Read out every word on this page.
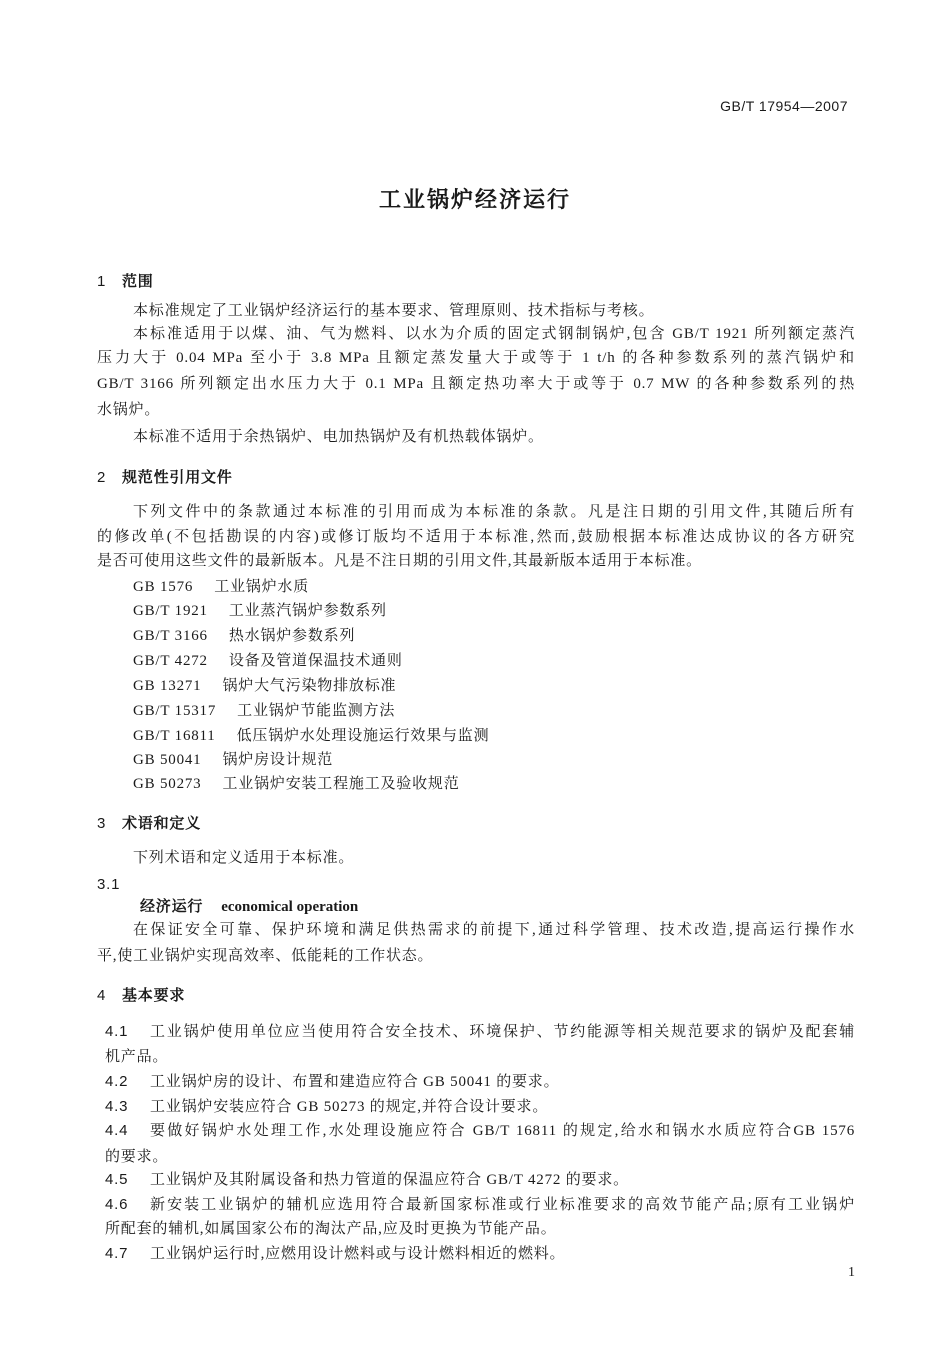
GB/T 17954—2007
工业锅炉经济运行
1 范围
本标准规定了工业锅炉经济运行的基本要求、管理原则、技术指标与考核。
本标准适用于以煤、油、气为燃料、以水为介质的固定式钢制锅炉,包含 GB/T 1921 所列额定蒸汽
压力大于 0.04 MPa 至小于 3.8 MPa 且额定蒸发量大于或等于 1 t/h 的各种参数系列的蒸汽锅炉和
GB/T 3166 所列额定出水压力大于 0.1 MPa 且额定热功率大于或等于 0.7 MW 的各种参数系列的热
水锅炉。
本标准不适用于余热锅炉、电加热锅炉及有机热载体锅炉。
2 规范性引用文件
下列文件中的条款通过本标准的引用而成为本标准的条款。凡是注日期的引用文件,其随后所有
的修改单(不包括勘误的内容)或修订版均不适用于本标准,然而,鼓励根据本标准达成协议的各方研究
是否可使用这些文件的最新版本。凡是不注日期的引用文件,其最新版本适用于本标准。
GB 1576 工业锅炉水质
GB/T 1921 工业蒸汽锅炉参数系列
GB/T 3166 热水锅炉参数系列
GB/T 4272 设备及管道保温技术通则
GB 13271 锅炉大气污染物排放标准
GB/T 15317 工业锅炉节能监测方法
GB/T 16811 低压锅炉水处理设施运行效果与监测
GB 50041 锅炉房设计规范
GB 50273 工业锅炉安装工程施工及验收规范
3 术语和定义
下列术语和定义适用于本标准。
3.1
经济运行 economical operation
在保证安全可靠、保护环境和满足供热需求的前提下,通过科学管理、技术改造,提高运行操作水
平,使工业锅炉实现高效率、低能耗的工作状态。
4 基本要求
4.1	工业锅炉使用单位应当使用符合安全技术、环境保护、节约能源等相关规范要求的锅炉及配套辅
机产品。
4.2	工业锅炉房的设计、布置和建造应符合 GB 50041 的要求。
4.3	工业锅炉安装应符合 GB 50273 的规定,并符合设计要求。
4.4	要做好锅炉水处理工作,水处理设施应符合 GB/T 16811 的规定,给水和锅水水质应符合GB 1576
的要求。
4.5	工业锅炉及其附属设备和热力管道的保温应符合 GB/T 4272 的要求。
4.6	新安装工业锅炉的辅机应选用符合最新国家标准或行业标准要求的高效节能产品;原有工业锅炉
所配套的辅机,如属国家公布的淘汰产品,应及时更换为节能产品。
4.7	工业锅炉运行时,应燃用设计燃料或与设计燃料相近的燃料。
1
